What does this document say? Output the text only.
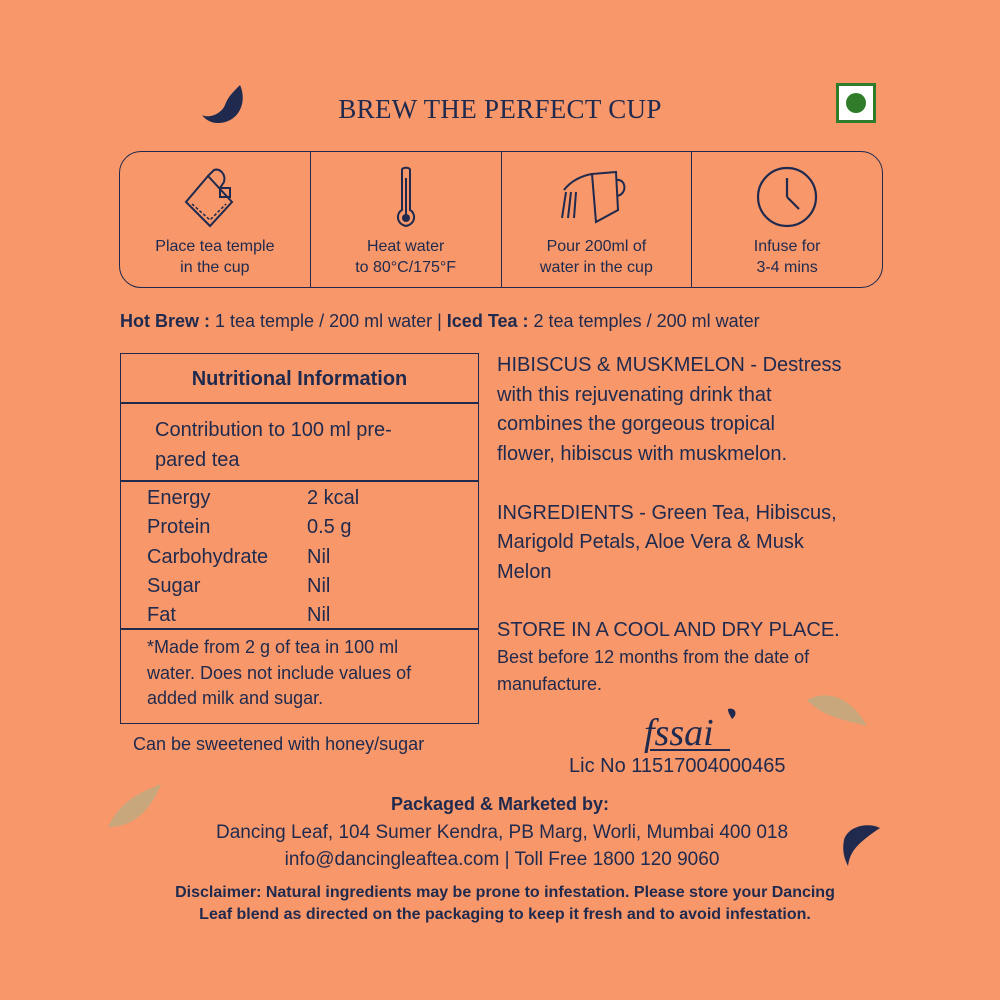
BREW THE PERFECT CUP
Place tea temple
in the cup
Heat water
to 80°C/175°F
Pour 200ml of
water in the cup
Infuse for
3-4 mins
Hot Brew : 1 tea temple / 200 ml water | Iced Tea : 2 tea temples / 200 ml water
Nutritional Information
Contribution to 100 ml pre-
pared tea
Energy	2 kcal
Protein	0.5 g
Carbohydrate	Nil
Sugar	Nil
Fat	Nil
*Made from 2 g of tea in 100 ml
water. Does not include values of
added milk and sugar.
Can be sweetened with honey/sugar

HIBISCUS & MUSKMELON - Destress

with this rejuvenating drink that

combines the gorgeous tropical

flower, hibiscus with muskmelon.

INGREDIENTS - Green Tea, Hibiscus,

Marigold Petals, Aloe Vera & Musk

Melon

STORE IN A COOL AND DRY PLACE.
Best before 12 months from the date of
manufacture.
fssai
Lic No 11517004000465
Packaged & Marketed by:
Dancing Leaf, 104 Sumer Kendra, PB Marg, Worli, Mumbai 400 018
info@dancingleaftea.com | Toll Free 1800 120 9060
Disclaimer: Natural ingredients may be prone to infestation. Please store your Dancing
Leaf blend as directed on the packaging to keep it fresh and to avoid infestation.
